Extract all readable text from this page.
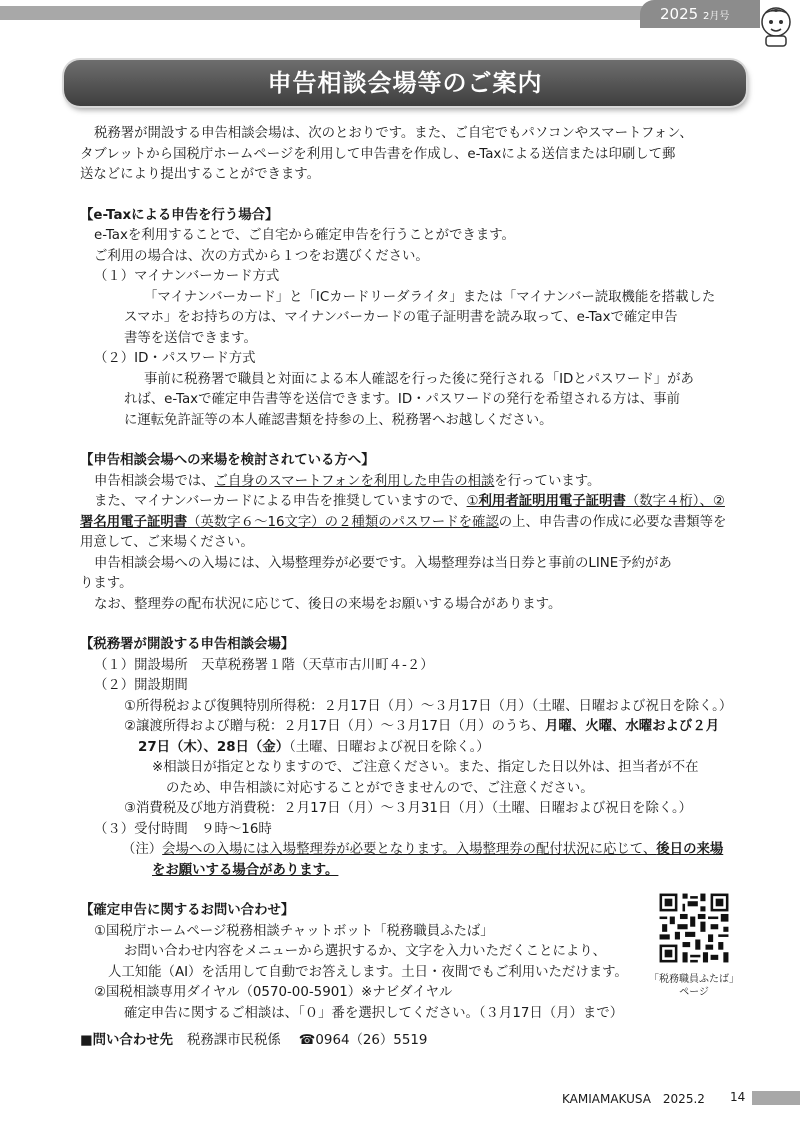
2025 2月号
申告相談会場等のご案内

税務署が開設する申告相談会場は、次のとおりです。また、ご自宅でもパソコンやスマートフォン、

タブレットから国税庁ホームページを利用して申告書を作成し、e-Taxによる送信または印刷して郵

送などにより提出することができます。

【e-Taxによる申告を行う場合】

e-Taxを利用することで、ご自宅から確定申告を行うことができます。

ご利用の場合は、次の方式から１つをお選びください。

（１）マイナンバーカード方式

「マイナンバーカード」と「ICカードリーダライタ」または「マイナンバー読取機能を搭載した

スマホ」をお持ちの方は、マイナンバーカードの電子証明書を読み取って、e-Taxで確定申告

書等を送信できます。

（２）ID・パスワード方式

事前に税務署で職員と対面による本人確認を行った後に発行される「IDとパスワード」があ

れば、e-Taxで確定申告書等を送信できます。ID・パスワードの発行を希望される方は、事前

に運転免許証等の本人確認書類を持参の上、税務署へお越しください。

【申告相談会場への来場を検討されている方へ】

申告相談会場では、ご自身のスマートフォンを利用した申告の相談を行っています。

また、マイナンバーカードによる申告を推奨していますので、①利用者証明用電子証明書（数字４桁）、②署名用電子証明書（英数字６～16文字）の２種類のパスワードを確認の上、申告書の作成に必要な書類等を用意して、ご来場ください。

申告相談会場への入場には、入場整理券が必要です。入場整理券は当日券と事前のLINE予約があ

ります。

なお、整理券の配布状況に応じて、後日の来場をお願いする場合があります。

【税務署が開設する申告相談会場】

（１）開設場所　天草税務署１階（天草市古川町４-２）

（２）開設期間

①所得税および復興特別所得税：２月17日（月）～３月17日（月）（土曜、日曜および祝日を除く。）

②譲渡所得および贈与税：２月17日（月）～３月17日（月）のうち、月曜、火曜、水曜および２月27日（木）、28日（金）（土曜、日曜および祝日を除く。）

※相談日が指定となりますので、ご注意ください。また、指定した日以外は、担当者が不在

のため、申告相談に対応することができませんので、ご注意ください。

③消費税及び地方消費税：２月17日（月）～３月31日（月）（土曜、日曜および祝日を除く。）

（３）受付時間　９時～16時

（注）会場への入場には入場整理券が必要となります。入場整理券の配付状況に応じて、後日の来場をお願いする場合があります。

【確定申告に関するお問い合わせ】

①国税庁ホームページ税務相談チャットボット「税務職員ふたば」

お問い合わせ内容をメニューから選択するか、文字を入力いただくことにより、

人工知能（AI）を活用して自動でお答えします。土日・夜間でもご利用いただけます。

②国税相談専用ダイヤル（0570-00-5901）※ナビダイヤル

確定申告に関するご相談は、「０」番を選択してください。（３月17日（月）まで）

「税務職員ふたば」
ページ
■問い合わせ先 税務課市民税係 ☎0964（26）5519
KAMIAMAKUSA　2025.2 14
